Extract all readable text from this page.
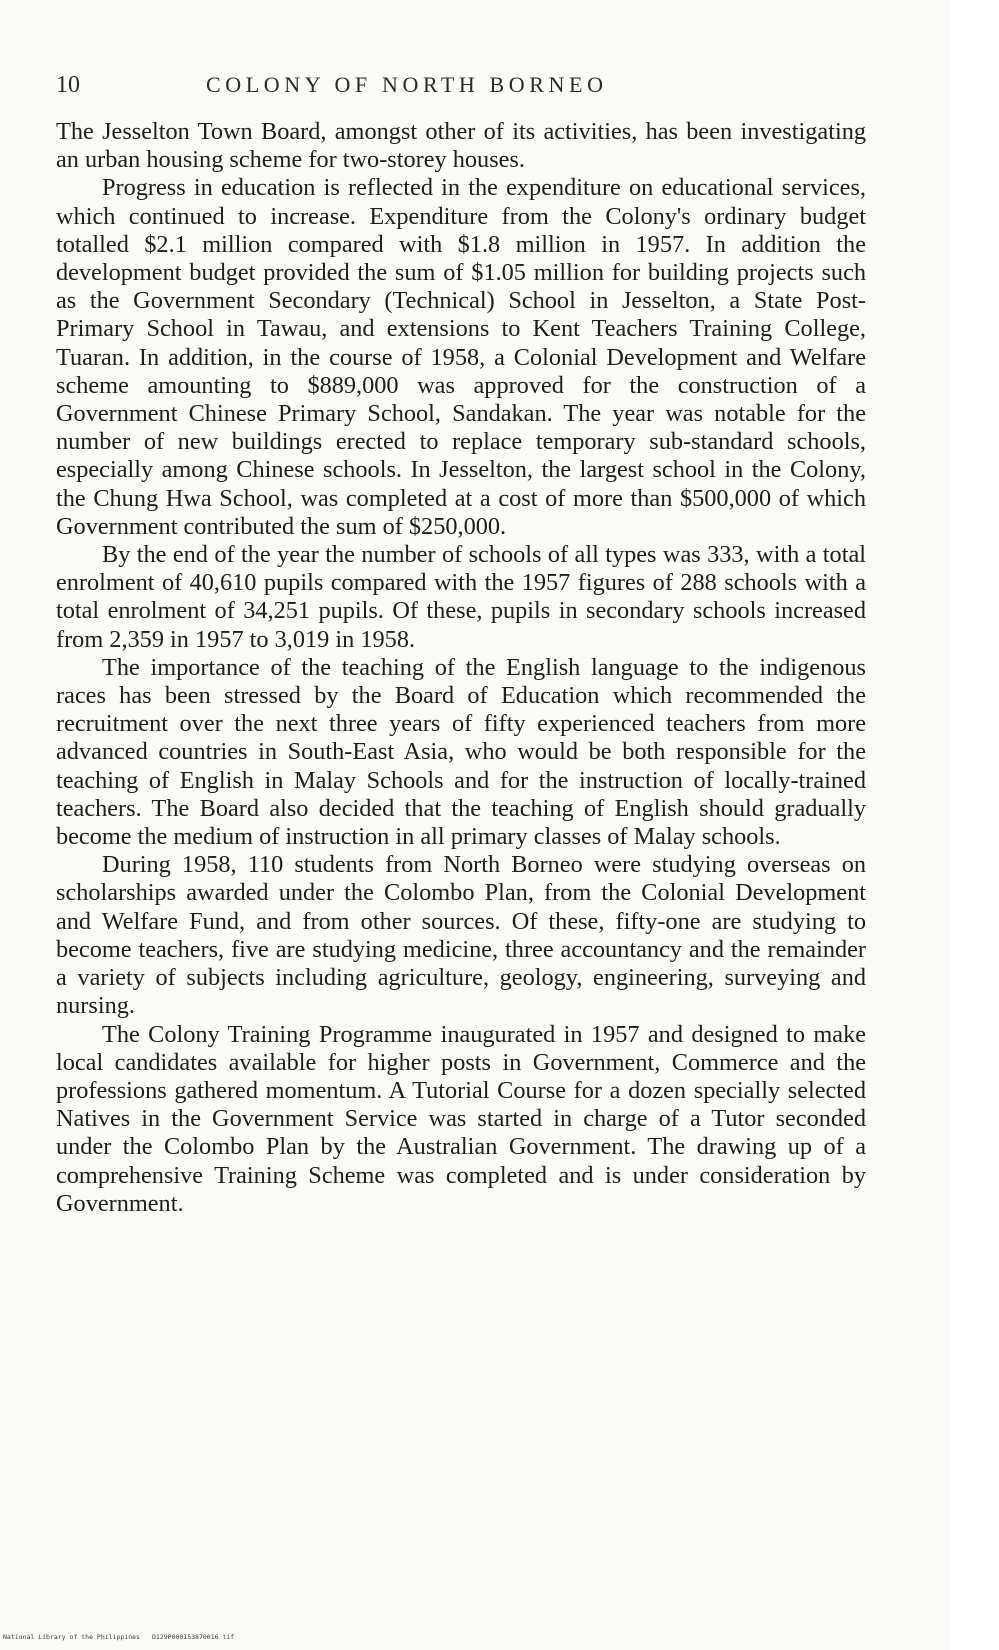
10	COLONY OF NORTH BORNEO

The Jesselton Town Board, amongst other of its activities, has been investigating an urban housing scheme for two-storey houses.

Progress in education is reflected in the expenditure on educational services, which continued to increase. Expenditure from the Colony's ordinary budget totalled $2.1 million compared with $1.8 million in 1957. In addition the development budget provided the sum of $1.05 million for building projects such as the Government Secondary (Technical) School in Jesselton, a State Post-Primary School in Tawau, and extensions to Kent Teachers Training College, Tuaran. In addition, in the course of 1958, a Colonial Development and Welfare scheme amounting to $889,000 was approved for the construction of a Government Chinese Primary School, Sandakan. The year was notable for the number of new buildings erected to replace temporary sub-standard schools, especially among Chinese schools. In Jesselton, the largest school in the Colony, the Chung Hwa School, was completed at a cost of more than $500,000 of which Government contributed the sum of $250,000.

By the end of the year the number of schools of all types was 333, with a total enrolment of 40,610 pupils compared with the 1957 figures of 288 schools with a total enrolment of 34,251 pupils. Of these, pupils in secondary schools increased from 2,359 in 1957 to 3,019 in 1958.

The importance of the teaching of the English language to the indigenous races has been stressed by the Board of Education which recommended the recruitment over the next three years of fifty experienced teachers from more advanced countries in South-East Asia, who would be both responsible for the teaching of English in Malay Schools and for the instruction of locally-trained teachers. The Board also decided that the teaching of English should gradually become the medium of instruction in all primary classes of Malay schools.

During 1958, 110 students from North Borneo were studying overseas on scholarships awarded under the Colombo Plan, from the Colonial Development and Welfare Fund, and from other sources. Of these, fifty-one are studying to become teachers, five are studying medicine, three accountancy and the remainder a variety of subjects including agriculture, geology, engineering, surveying and nursing.

The Colony Training Programme inaugurated in 1957 and designed to make local candidates available for higher posts in Government, Commerce and the professions gathered momentum. A Tutorial Course for a dozen specially selected Natives in the Government Service was started in charge of a Tutor seconded under the Colombo Plan by the Australian Government. The drawing up of a comprehensive Training Scheme was completed and is under consideration by Government.

National Library of the Philippines D129P000153870016 tif
